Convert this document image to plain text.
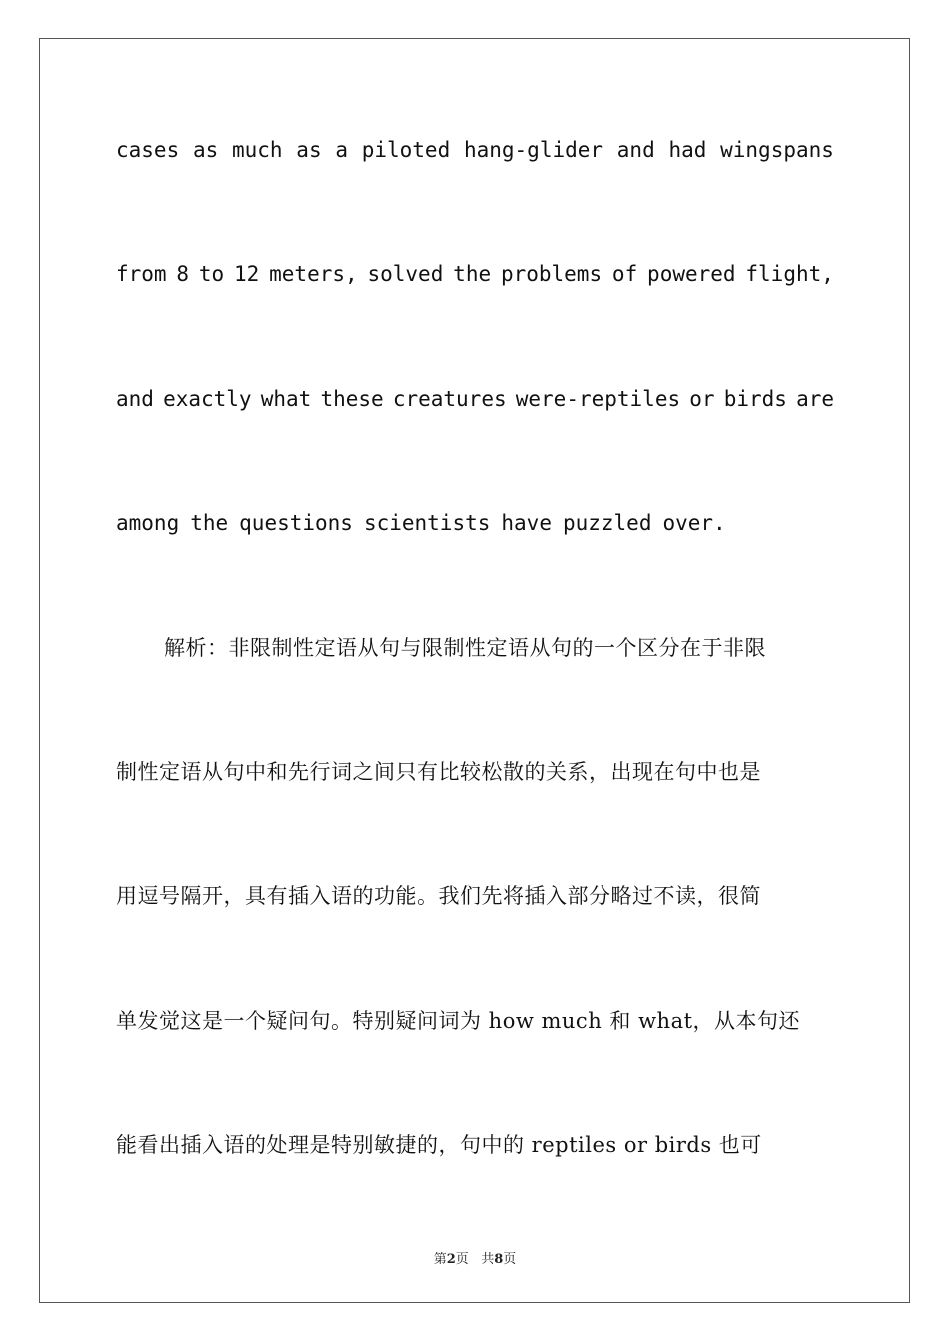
cases as much as a piloted hang-glider and had wingspans
from 8 to 12 meters, solved the problems of powered flight,
and exactly what these creatures were-reptiles or birds are
among the questions scientists have puzzled over.
解析：非限制性定语从句与限制性定语从句的一个区分在于非限
制性定语从句中和先行词之间只有比较松散的关系，出现在句中也是
用逗号隔开，具有插入语的功能。我们先将插入部分略过不读，很简
单发觉这是一个疑问句。特别疑问词为 how much 和 what，从本句还
能看出插入语的处理是特别敏捷的，句中的 reptiles or birds 也可
第2页 共8页
